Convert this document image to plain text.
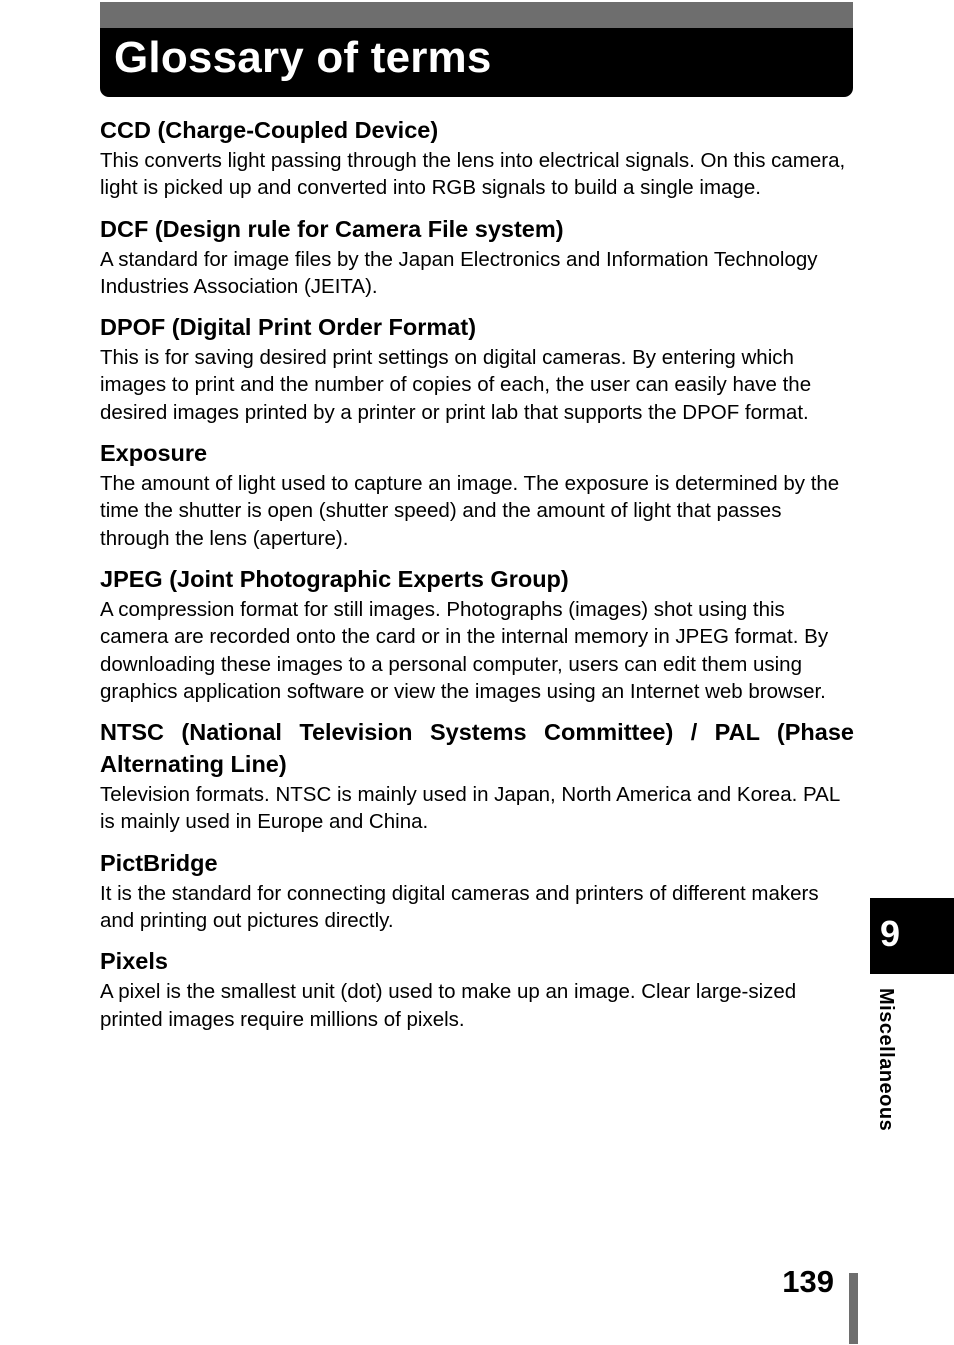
Glossary of terms
CCD (Charge-Coupled Device)

This converts light passing through the lens into electrical signals. On this camera, light is picked up and converted into RGB signals to build a single image.

DCF (Design rule for Camera File system)

A standard for image files by the Japan Electronics and Information Technology Industries Association (JEITA).

DPOF (Digital Print Order Format)

This is for saving desired print settings on digital cameras. By entering which images to print and the number of copies of each, the user can easily have the desired images printed by a printer or print lab that supports the DPOF format.

Exposure

The amount of light used to capture an image. The exposure is determined by the time the shutter is open (shutter speed) and the amount of light that passes through the lens (aperture).

JPEG (Joint Photographic Experts Group)

A compression format for still images. Photographs (images) shot using this camera are recorded onto the card or in the internal memory in JPEG format. By downloading these images to a personal computer, users can edit them using graphics application software or view the images using an Internet web browser.

NTSC (National Television Systems Committee) / PAL (Phase Alternating Line)

Television formats. NTSC is mainly used in Japan, North America and Korea. PAL is mainly used in Europe and China.

PictBridge

It is the standard for connecting digital cameras and printers of different makers and printing out pictures directly.

Pixels

A pixel is the smallest unit (dot) used to make up an image. Clear large-sized printed images require millions of pixels.

9
Miscellaneous
139
